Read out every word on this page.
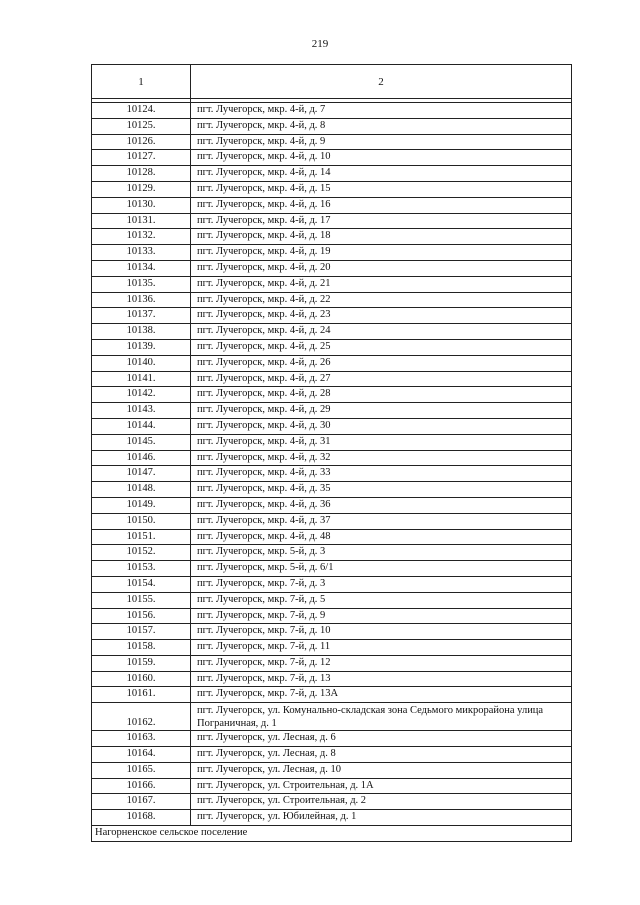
219
1	2

10124.	пгт. Лучегорск, мкр. 4-й, д. 7
10125.	пгт. Лучегорск, мкр. 4-й, д. 8
10126.	пгт. Лучегорск, мкр. 4-й, д. 9
10127.	пгт. Лучегорск, мкр. 4-й, д. 10
10128.	пгт. Лучегорск, мкр. 4-й, д. 14
10129.	пгт. Лучегорск, мкр. 4-й, д. 15
10130.	пгт. Лучегорск, мкр. 4-й, д. 16
10131.	пгт. Лучегорск, мкр. 4-й, д. 17
10132.	пгт. Лучегорск, мкр. 4-й, д. 18
10133.	пгт. Лучегорск, мкр. 4-й, д. 19
10134.	пгт. Лучегорск, мкр. 4-й, д. 20
10135.	пгт. Лучегорск, мкр. 4-й, д. 21
10136.	пгт. Лучегорск, мкр. 4-й, д. 22
10137.	пгт. Лучегорск, мкр. 4-й, д. 23
10138.	пгт. Лучегорск, мкр. 4-й, д. 24
10139.	пгт. Лучегорск, мкр. 4-й, д. 25
10140.	пгт. Лучегорск, мкр. 4-й, д. 26
10141.	пгт. Лучегорск, мкр. 4-й, д. 27
10142.	пгт. Лучегорск, мкр. 4-й, д. 28
10143.	пгт. Лучегорск, мкр. 4-й, д. 29
10144.	пгт. Лучегорск, мкр. 4-й, д. 30
10145.	пгт. Лучегорск, мкр. 4-й, д. 31
10146.	пгт. Лучегорск, мкр. 4-й, д. 32
10147.	пгт. Лучегорск, мкр. 4-й, д. 33
10148.	пгт. Лучегорск, мкр. 4-й, д. 35
10149.	пгт. Лучегорск, мкр. 4-й, д. 36
10150.	пгт. Лучегорск, мкр. 4-й, д. 37
10151.	пгт. Лучегорск, мкр. 4-й, д. 48
10152.	пгт. Лучегорск, мкр. 5-й, д. 3
10153.	пгт. Лучегорск, мкр. 5-й, д. 6/1
10154.	пгт. Лучегорск, мкр. 7-й, д. 3
10155.	пгт. Лучегорск, мкр. 7-й, д. 5
10156.	пгт. Лучегорск, мкр. 7-й, д. 9
10157.	пгт. Лучегорск, мкр. 7-й, д. 10
10158.	пгт. Лучегорск, мкр. 7-й, д. 11
10159.	пгт. Лучегорск, мкр. 7-й, д. 12
10160.	пгт. Лучегорск, мкр. 7-й, д. 13
10161.	пгт. Лучегорск, мкр. 7-й, д. 13А
10162.	пгт. Лучегорск, ул. Комунально-складская зона Седьмого микрорайона улица Пограничная, д. 1
10163.	пгт. Лучегорск, ул. Лесная, д. 6
10164.	пгт. Лучегорск, ул. Лесная, д. 8
10165.	пгт. Лучегорск, ул. Лесная, д. 10
10166.	пгт. Лучегорск, ул. Строительная, д. 1А
10167.	пгт. Лучегорск, ул. Строительная, д. 2
10168.	пгт. Лучегорск, ул. Юбилейная, д. 1
Нагорненское сельское поселение	
